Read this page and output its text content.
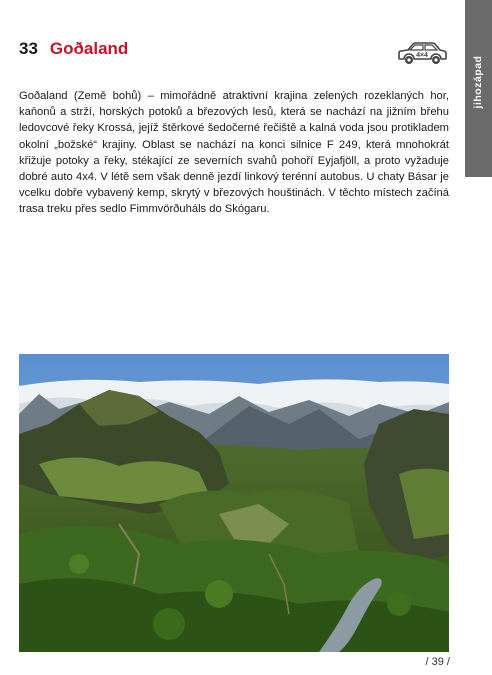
33 Goðaland	4×4
jihozápad

Goðaland (Země bohů) – mimořádně atraktivní krajina zelených rozeklaných hor, kaňonů a strží, horských potoků a březových lesů, která se nachází na jižním břehu ledovcové řeky Krossá, jejíž štěrkové šedočerné řečiště a kalná voda jsou protikladem okolní „božské“ krajiny. Oblast se nachází na konci silnice F 249, která mnohokrát křižuje potoky a řeky, stékající ze severních svahů pohoří Eyjafjöll, a proto vyžaduje dobré auto 4x4. V létě sem však denně jezdí linkový terénní autobus. U chaty Básar je vcelku dobře vybavený kemp, skrytý v březových houštinách. V těchto místech začíná trasa treku přes sedlo Fimmvörðuháls do Skógaru.

/ 39 /
